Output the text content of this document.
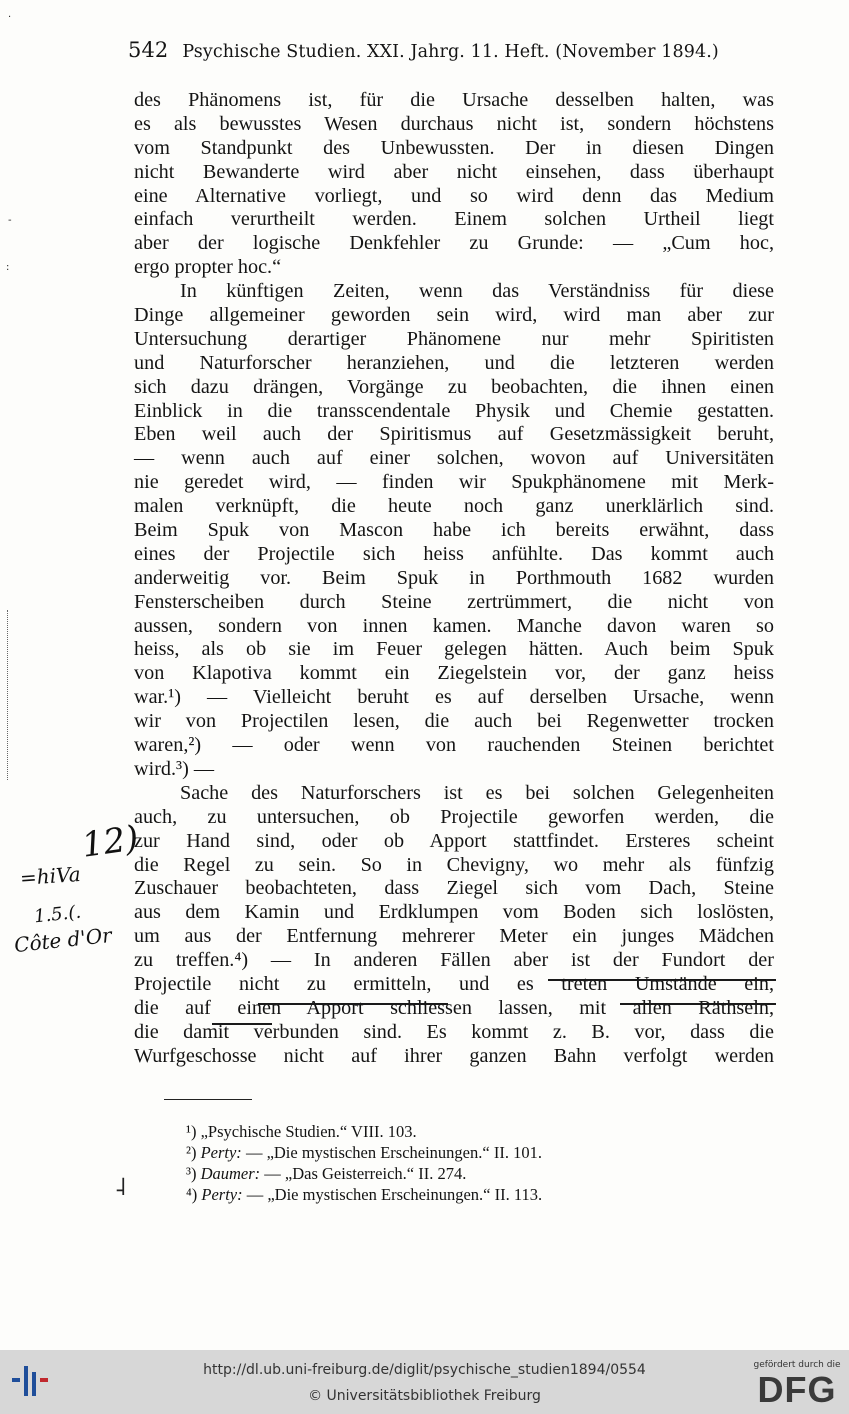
542 Psychische Studien. XXI. Jahrg. 11. Heft. (November 1894.)
des Phänomens ist, für die Ursache desselben halten, was
es als bewusstes Wesen durchaus nicht ist, sondern höchstens
vom Standpunkt des Unbewussten. Der in diesen Dingen
nicht Bewanderte wird aber nicht einsehen, dass überhaupt
eine Alternative vorliegt, und so wird denn das Medium
einfach verurtheilt werden. Einem solchen Urtheil liegt
aber der logische Denkfehler zu Grunde: — „Cum hoc,
ergo propter hoc.“
In künftigen Zeiten, wenn das Verständniss für diese
Dinge allgemeiner geworden sein wird, wird man aber zur
Untersuchung derartiger Phänomene nur mehr Spiritisten
und Naturforscher heranziehen, und die letzteren werden
sich dazu drängen, Vorgänge zu beobachten, die ihnen einen
Einblick in die transscendentale Physik und Chemie gestatten.
Eben weil auch der Spiritismus auf Gesetzmässigkeit beruht,
— wenn auch auf einer solchen, wovon auf Universitäten
nie geredet wird, — finden wir Spukphänomene mit Merk-
malen verknüpft, die heute noch ganz unerklärlich sind.
Beim Spuk von Mascon habe ich bereits erwähnt, dass
eines der Projectile sich heiss anfühlte. Das kommt auch
anderweitig vor. Beim Spuk in Porthmouth 1682 wurden
Fensterscheiben durch Steine zertrümmert, die nicht von
aussen, sondern von innen kamen. Manche davon waren so
heiss, als ob sie im Feuer gelegen hätten. Auch beim Spuk
von Klapotiva kommt ein Ziegelstein vor, der ganz heiss
war.¹) — Vielleicht beruht es auf derselben Ursache, wenn
wir von Projectilen lesen, die auch bei Regenwetter trocken
waren,²) — oder wenn von rauchenden Steinen berichtet
wird.³) —
Sache des Naturforschers ist es bei solchen Gelegenheiten
auch, zu untersuchen, ob Projectile geworfen werden, die
zur Hand sind, oder ob Apport stattfindet. Ersteres scheint
die Regel zu sein. So in Chevigny, wo mehr als fünfzig
Zuschauer beobachteten, dass Ziegel sich vom Dach, Steine
aus dem Kamin und Erdklumpen vom Boden sich loslösten,
um aus der Entfernung mehrerer Meter ein junges Mädchen
zu treffen.⁴) — In anderen Fällen aber ist der Fundort der
Projectile nicht zu ermitteln, und es treten Umstände ein,
die auf einen Apport schliessen lassen, mit allen Räthseln,
die damit verbunden sind. Es kommt z. B. vor, dass die
Wurfgeschosse nicht auf ihrer ganzen Bahn verfolgt werden
12)
=hiVa
1.5.(.
Côte d'Or
·
-
:
˨
¹) „Psychische Studien.“ VIII. 103.
²) Perty: — „Die mystischen Erscheinungen.“ II. 101.
³) Daumer: — „Das Geisterreich.“ II. 274.
⁴) Perty: — „Die mystischen Erscheinungen.“ II. 113.
http://dl.ub.uni-freiburg.de/diglit/psychische_studien1894/0554
© Universitätsbibliothek Freiburg
gefördert durch die
DFG
